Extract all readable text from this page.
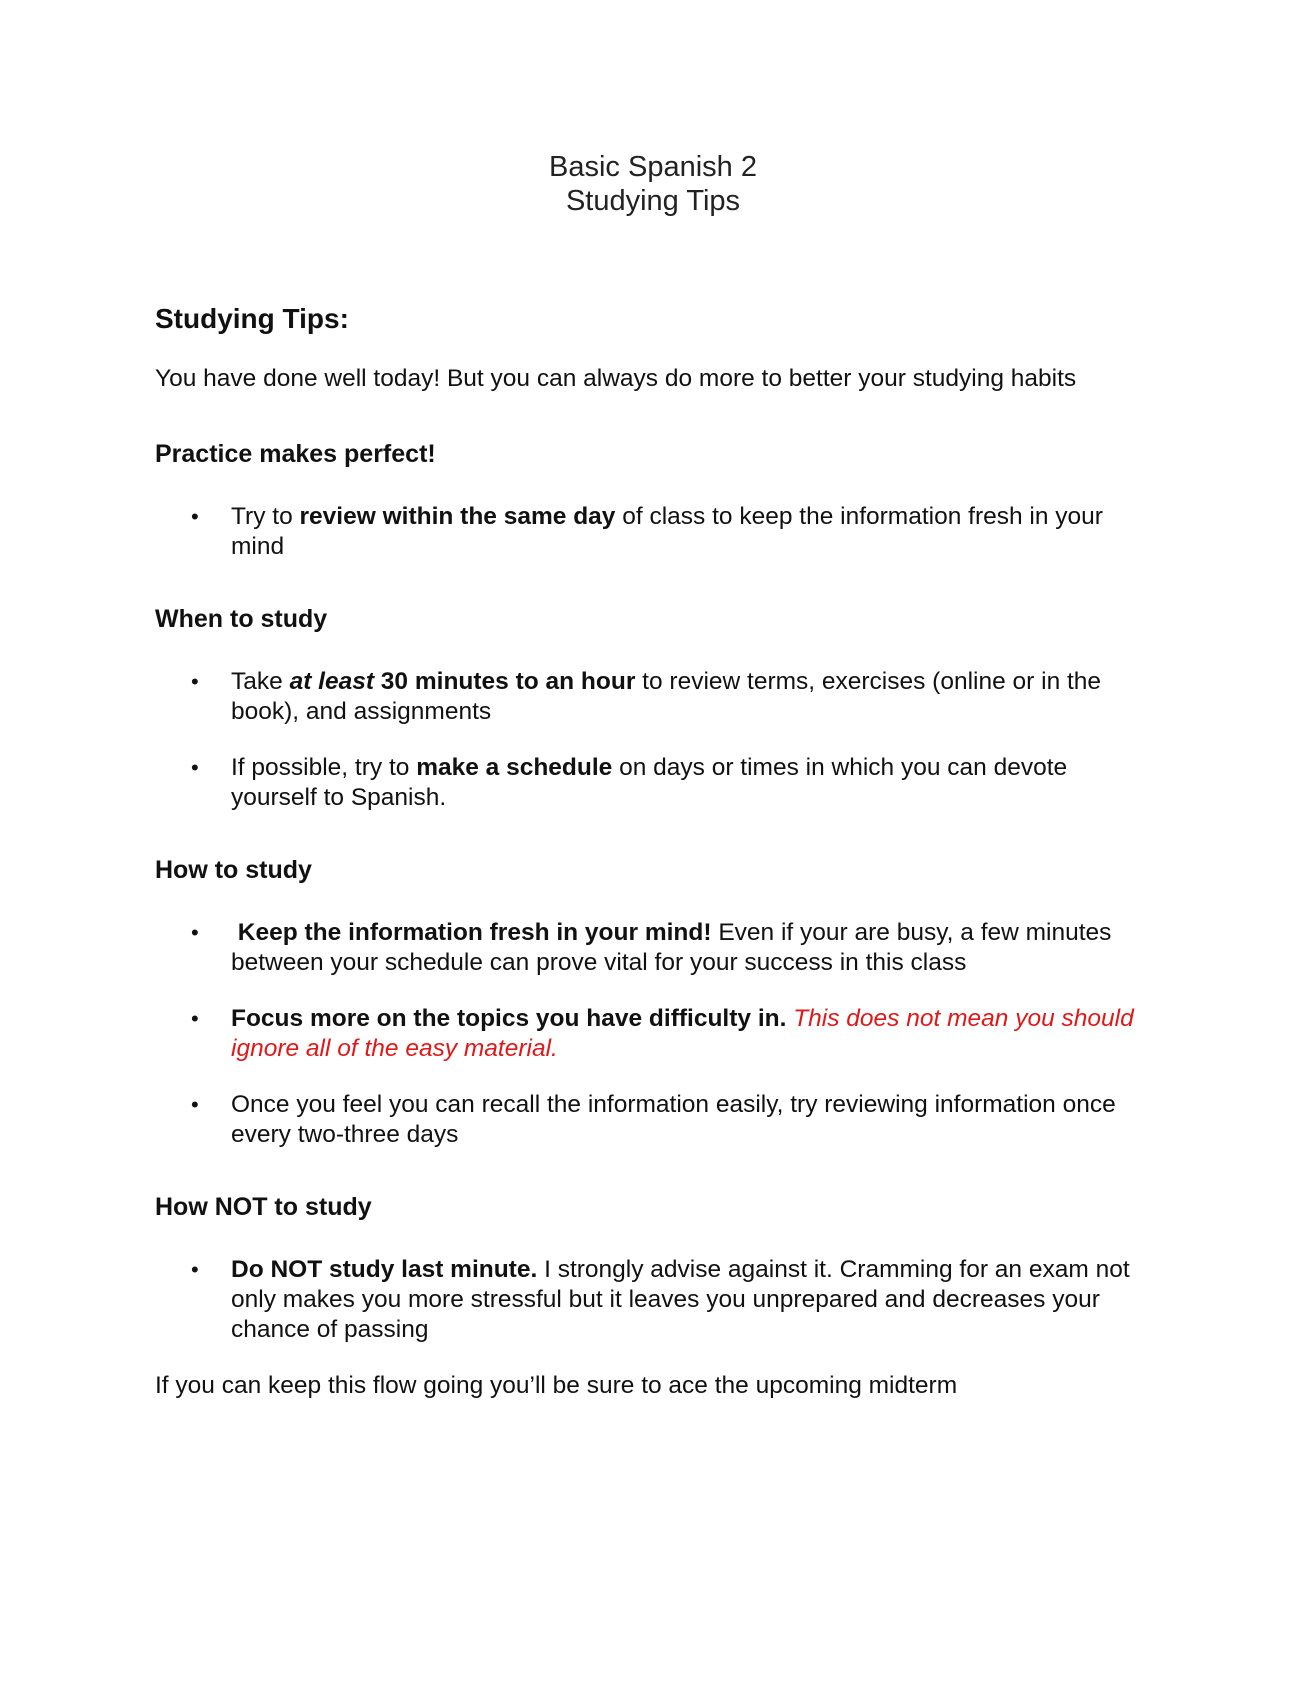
Basic Spanish 2
Studying Tips
Studying Tips:
You have done well today! But you can always do more to better your studying habits
Practice makes perfect!
• Try to review within the same day of class to keep the information fresh in your mind
When to study
• Take at least 30 minutes to an hour to review terms, exercises (online or in the book), and assignments
• If possible, try to make a schedule on days or times in which you can devote yourself to Spanish.
How to study
• Keep the information fresh in your mind! Even if your are busy, a few minutes between your schedule can prove vital for your success in this class
• Focus more on the topics you have difficulty in. This does not mean you should ignore all of the easy material.
• Once you feel you can recall the information easily, try reviewing information once every two-three days
How NOT to study
• Do NOT study last minute. I strongly advise against it. Cramming for an exam not only makes you more stressful but it leaves you unprepared and decreases your chance of passing
If you can keep this flow going you’ll be sure to ace the upcoming midterm
